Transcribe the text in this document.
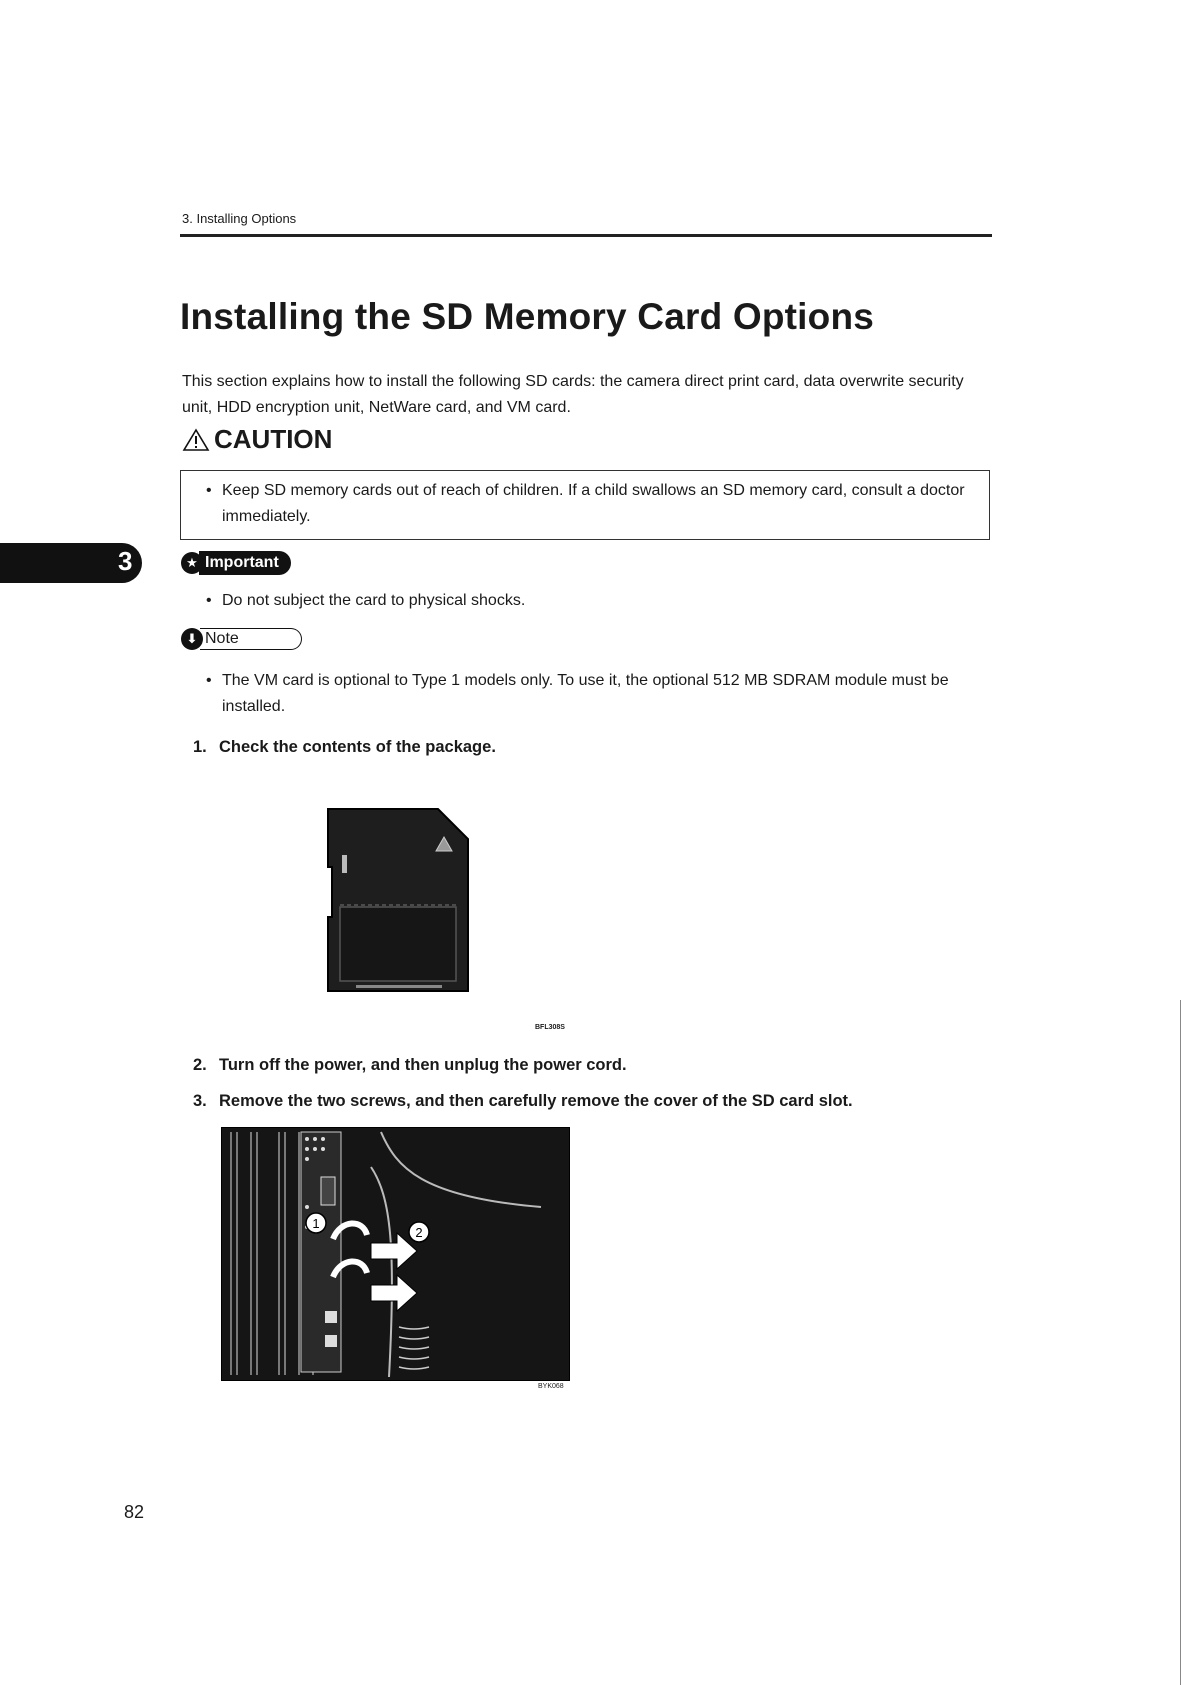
3. Installing Options
Installing the SD Memory Card Options
This section explains how to install the following SD cards: the camera direct print card, data overwrite security unit, HDD encryption unit, NetWare card, and VM card.
CAUTION
• Keep SD memory cards out of reach of children. If a child swallows an SD memory card, consult a doctor immediately.
3	★ Important
• Do not subject the card to physical shocks.
⬇ Note
• The VM card is optional to Type 1 models only. To use it, the optional 512 MB SDRAM module must be installed.
1. Check the contents of the package.
BFL308S
2. Turn off the power, and then unplug the power cord.
3. Remove the two screws, and then carefully remove the cover of the SD card slot.
1
2
BYK068
82
